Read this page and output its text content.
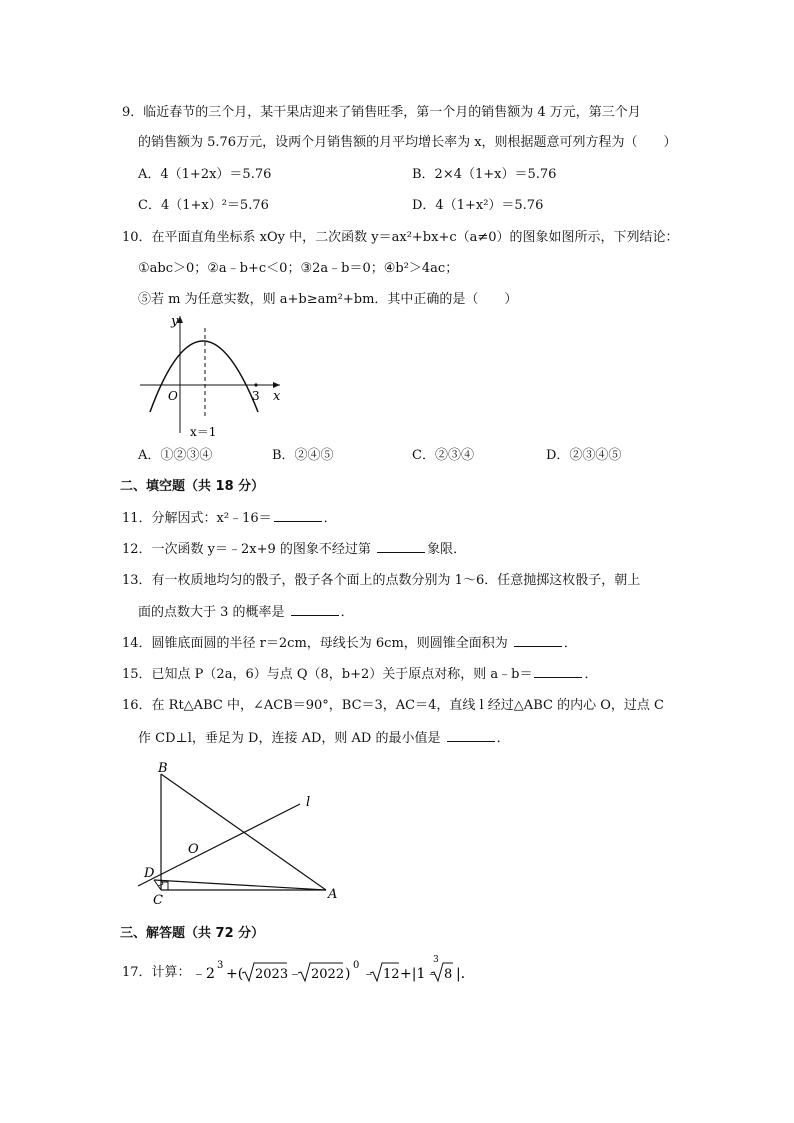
9．临近春节的三个月，某干果店迎来了销售旺季，第一个月的销售额为 4 万元，第三个月
的销售额为 5.76万元，设两个月销售额的月平均增长率为 x，则根据题意可列方程为（　　）
A．4（1+2x）＝5.76	B．2×4（1+x）＝5.76
C．4（1+x）²＝5.76	D．4（1+x²）＝5.76
10．在平面直角坐标系 xOy 中，二次函数 y＝ax²+bx+c（a≠0）的图象如图所示，下列结论：
①abc＞0；②a﹣b+c＜0；③2a﹣b＝0；④b²＞4ac；
⑤若 m 为任意实数，则 a+b≥am²+bm．其中正确的是（　　）
y
x
O	3
x＝1
A．①②③④	B．②④⑤	C．②③④	D．②③④⑤
二、填空题（共 18 分）
11．分解因式：x²﹣16＝	．
12．一次函数 y＝﹣2x+9 的图象不经过第	象限．
13．有一枚质地均匀的骰子，骰子各个面上的点数分别为 1～6．任意抛掷这枚骰子，朝上
面的点数大于 3 的概率是	．
14．圆锥底面圆的半径 r＝2cm，母线长为 6cm，则圆锥全面积为	．
15．已知点 P（2a，6）与点 Q（8，b+2）关于原点对称，则 a﹣b＝	．
16．在 Rt△ABC 中，∠ACB＝90°，BC＝3，AC＝4，直线 l 经过△ABC 的内心 O，过点 C
作 CD⊥l，垂足为 D，连接 AD，则 AD 的最小值是	．
B
l
O
D
C	A
三、解答题（共 72 分）
17．计算： ﹣2
3
+( 2023 ﹣ 2022 )
0
﹣ 12 +|1﹣
3
8 |．
